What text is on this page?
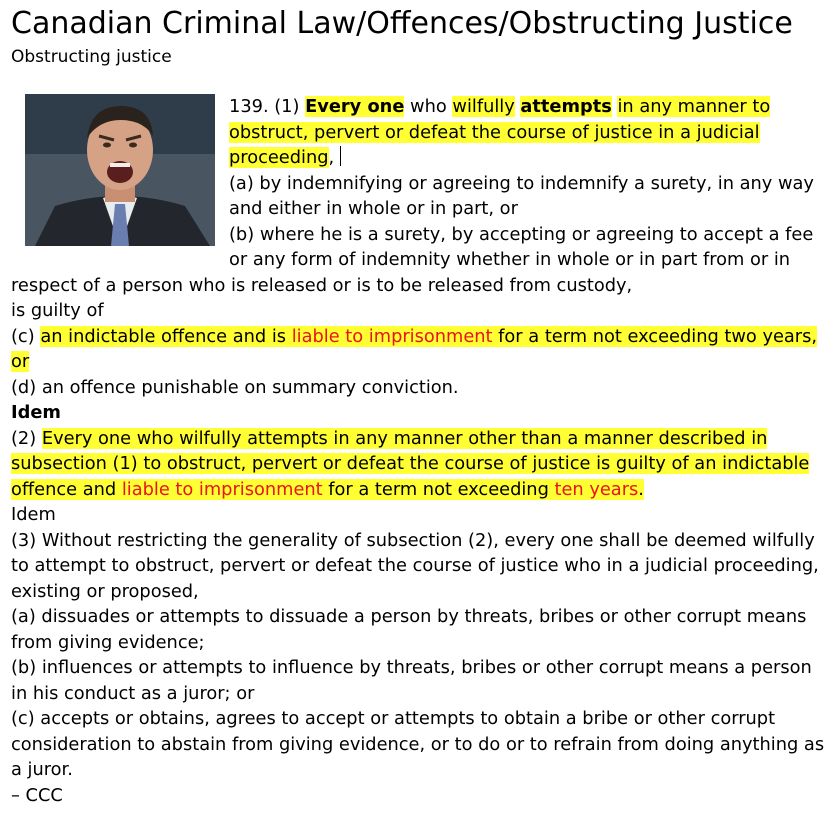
Canadian Criminal Law/Offences/Obstructing Justice
Obstructing justice

139. (1) Every one who wilfully attempts in any manner to obstruct, pervert or defeat the course of justice in a judicial proceeding,

(a) by indemnifying or agreeing to indemnify a surety, in any way and either in whole or in part, or

(b) where he is a surety, by accepting or agreeing to accept a fee or any form of indemnity whether in whole or in part from or in respect of a person who is released or is to be released from custody,

is guilty of

(c) an indictable offence and is liable to imprisonment for a term not exceeding two years, or

(d) an offence punishable on summary conviction.

Idem

(2) Every one who wilfully attempts in any manner other than a manner described in subsection (1) to obstruct, pervert or defeat the course of justice is guilty of an indictable offence and liable to imprisonment for a term not exceeding ten years.

Idem

(3) Without restricting the generality of subsection (2), every one shall be deemed wilfully to attempt to obstruct, pervert or defeat the course of justice who in a judicial proceeding, existing or proposed,

(a) dissuades or attempts to dissuade a person by threats, bribes or other corrupt means from giving evidence;

(b) influences or attempts to influence by threats, bribes or other corrupt means a person in his conduct as a juror; or

(c) accepts or obtains, agrees to accept or attempts to obtain a bribe or other corrupt consideration to abstain from giving evidence, or to do or to refrain from doing anything as a juror.

– CCC
